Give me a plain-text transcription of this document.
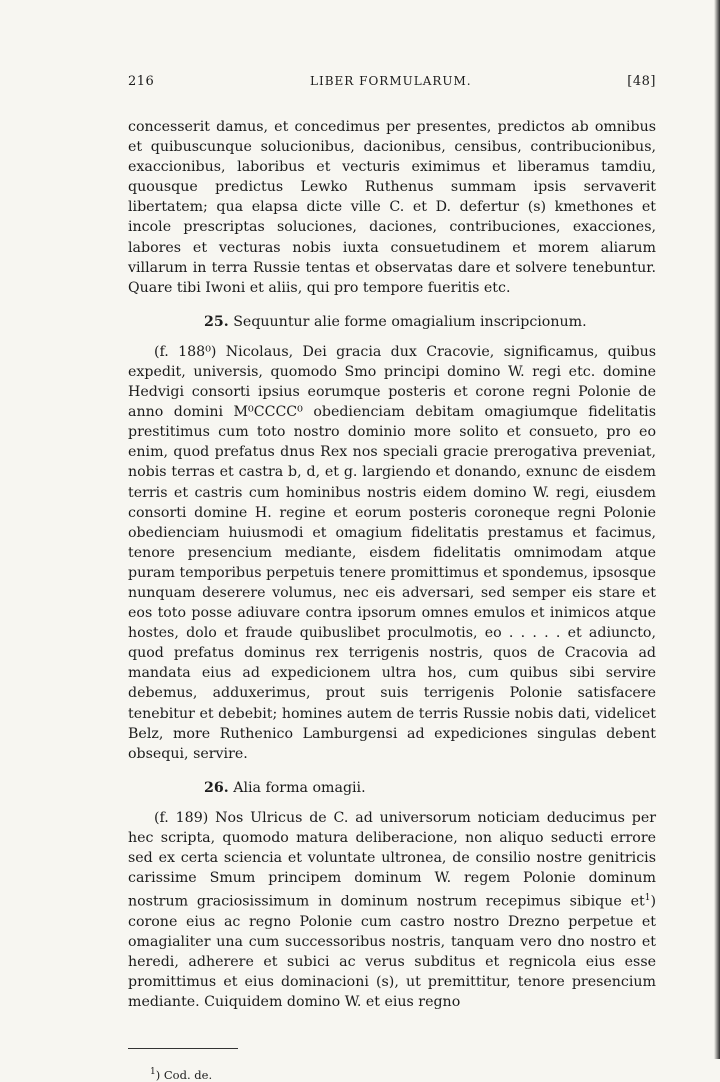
216	LIBER FORMULARUM.	[48]

concesserit damus, et concedimus per presentes, predictos ab omnibus et quibuscunque solucionibus, dacionibus, censibus, contribucionibus, exaccionibus, laboribus et vecturis eximimus et liberamus tamdiu, quousque predictus Lewko Ruthenus summam ipsis servaverit libertatem; qua elapsa dicte ville C. et D. defertur (s) kmethones et incole prescriptas soluciones, daciones, contribuciones, exacciones, labores et vecturas nobis iuxta consuetudinem et morem aliarum villarum in terra Russie tentas et observatas dare et solvere tenebuntur. Quare tibi Iwoni et aliis, qui pro tempore fueritis etc.

25. Sequuntur alie forme omagialium inscripcionum.

(f. 188⁰) Nicolaus, Dei gracia dux Cracovie, significamus, quibus expedit, universis, quomodo Smo principi domino W. regi etc. domine Hedvigi consorti ipsius eorumque posteris et corone regni Polonie de anno domini M⁰CCCC⁰ obedienciam debitam omagiumque fidelitatis prestitimus cum toto nostro dominio more solito et consueto, pro eo enim, quod prefatus dnus Rex nos speciali gracie prerogativa preveniat, nobis terras et castra b, d, et g. largiendo et donando, exnunc de eisdem terris et castris cum hominibus nostris eidem domino W. regi, eiusdem consorti domine H. regine et eorum posteris coroneque regni Polonie obedienciam huiusmodi et omagium fidelitatis prestamus et facimus, tenore presencium mediante, eisdem fidelitatis omnimodam atque puram temporibus perpetuis tenere promittimus et spondemus, ipsosque nunquam deserere volumus, nec eis adversari, sed semper eis stare et eos toto posse adiuvare contra ipsorum omnes emulos et inimicos atque hostes, dolo et fraude quibuslibet proculmotis, eo . . . . . et adiuncto, quod prefatus dominus rex terrigenis nostris, quos de Cracovia ad mandata eius ad expedicionem ultra hos, cum quibus sibi servire debemus, adduxerimus, prout suis terrigenis Polonie satisfacere tenebitur et debebit; homines autem de terris Russie nobis dati, videlicet Belz, more Ruthenico Lamburgensi ad expediciones singulas debent obsequi, servire.

26. Alia forma omagii.

(f. 189) Nos Ulricus de C. ad universorum noticiam deducimus per hec scripta, quomodo matura deliberacione, non aliquo seducti errore sed ex certa sciencia et voluntate ultronea, de consilio nostre genitricis carissime Smum principem dominum W. regem Polonie dominum nostrum graciosissimum in dominum nostrum recepimus sibique $et^1$) corone eius ac regno Polonie cum castro nostro Drezno perpetue et omagialiter una cum successoribus nostris, tanquam vero dno nostro et heredi, adherere et subici ac verus subditus et regnicola eius esse promittimus et eius dominacioni (s), ut premittitur, tenore presencium mediante. Cuiquidem domino W. et eius regno

$^1$) Cod. de.
